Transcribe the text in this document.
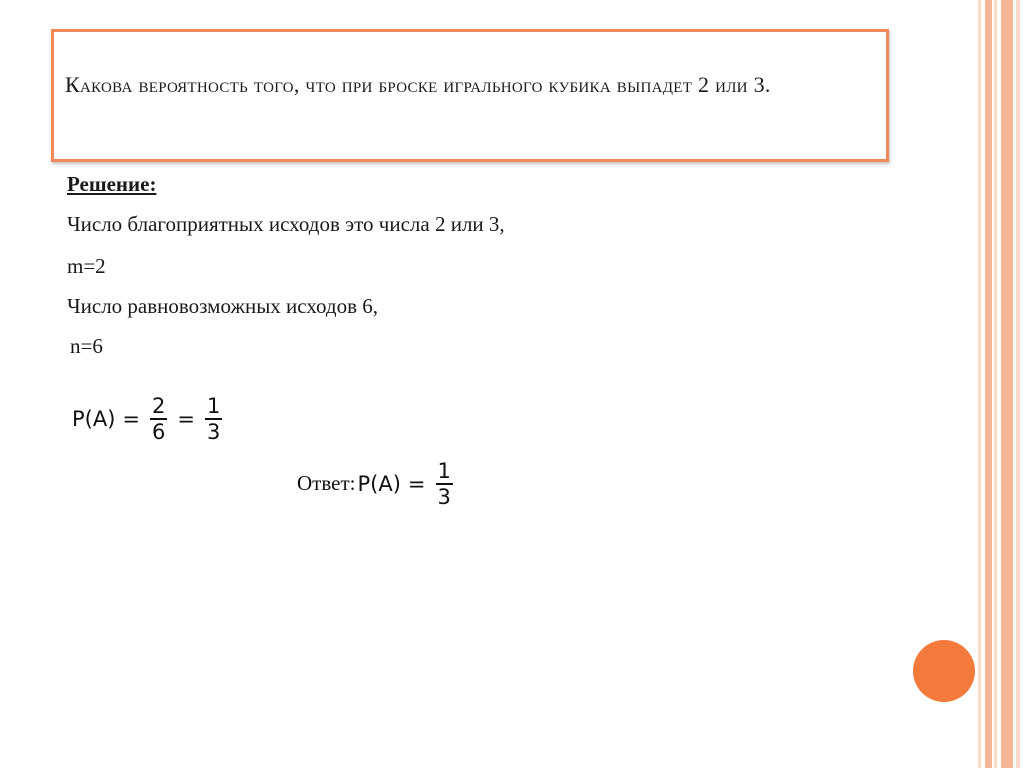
Какова вероятность того, что при броске игрального кубика выпадет 2 или 3.
Решение:
Число благоприятных исходов это числа 2 или 3,
m=2
Число равновозможных исходов 6,
n=6
$P(A) = \frac{2}{6} = \frac{1}{3}$
Ответ: $P(A) = \frac{1}{3}$
